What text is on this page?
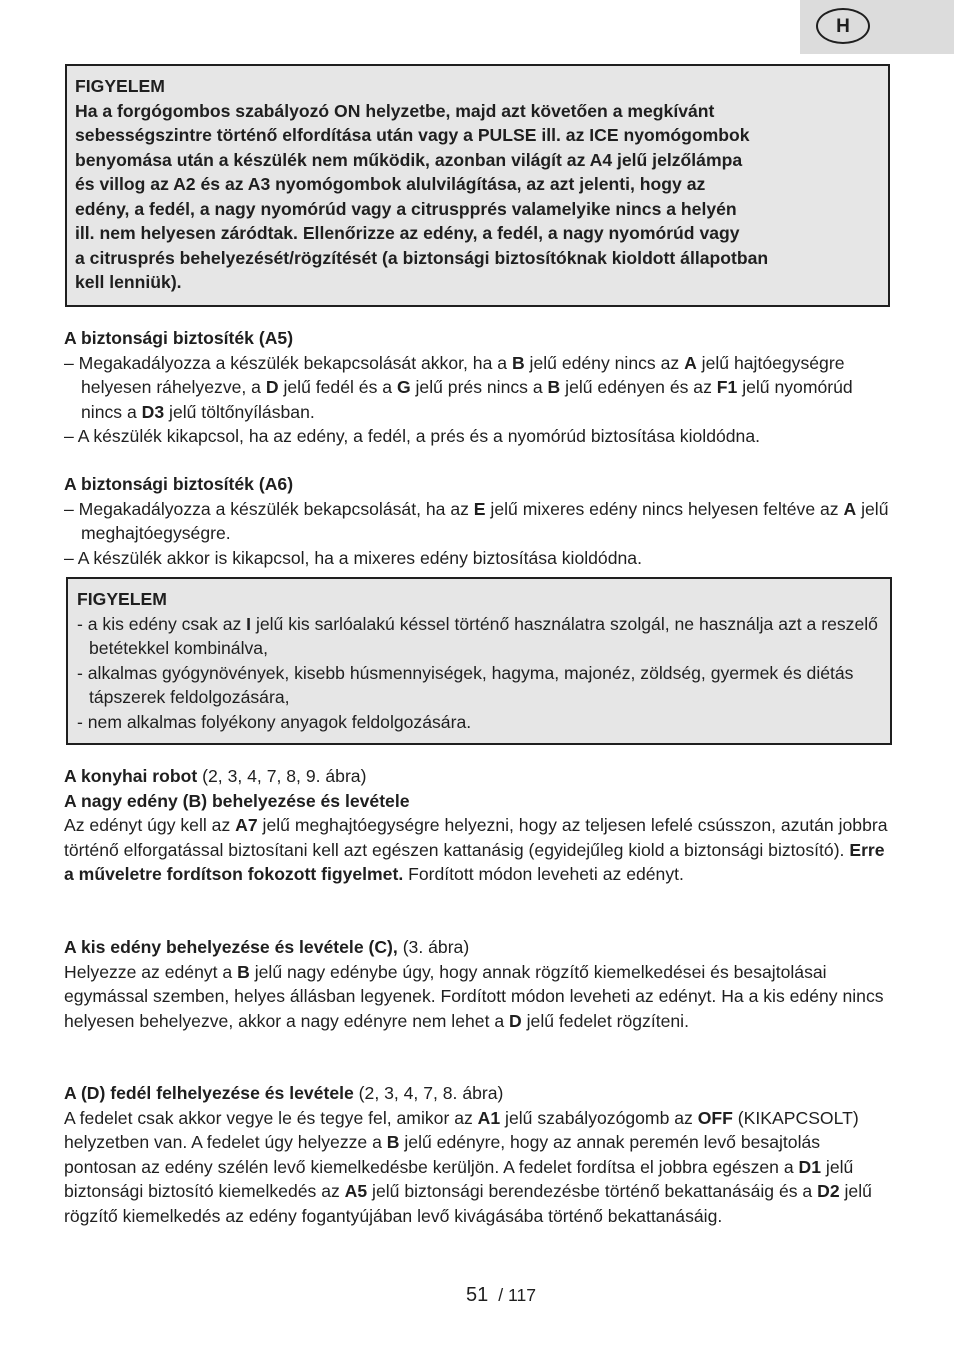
H

FIGYELEM

Ha a forgógombos szabályozó ON helyzetbe, majd azt követően a megkívánt

sebességszintre történő elfordítása után vagy a PULSE ill. az ICE nyomógombok

benyomása után a készülék nem működik, azonban világít az A4 jelű jelzőlámpa

és villog az A2 és az A3 nyomógombok alulvilágítása, az azt jelenti, hogy az

edény, a fedél, a nagy nyomórúd vagy a citruspprés valamelyike nincs a helyén

ill. nem helyesen záródtak. Ellenőrizze az edény, a fedél, a nagy nyomórúd vagy

a citrusprés behelyezését/rögzítését (a biztonsági biztosítóknak kioldott állapotban

kell lenniük).

A biztonsági biztosíték (A5)

– Megakadályozza a készülék bekapcsolását akkor, ha a B jelű edény nincs az A jelű hajtóegységre helyesen ráhelyezve, a D jelű fedél és a G jelű prés nincs a B jelű edényen és az F1 jelű nyomórúd nincs a D3 jelű töltőnyílásban.

– A készülék kikapcsol, ha az edény, a fedél, a prés és a nyomórúd biztosítása kioldódna.

A biztonsági biztosíték (A6)

– Megakadályozza a készülék bekapcsolását, ha az E jelű mixeres edény nincs helyesen feltéve az A jelű meghajtóegységre.

– A készülék akkor is kikapcsol, ha a mixeres edény biztosítása kioldódna.

FIGYELEM

- a kis edény csak az I jelű kis sarlóalakú késsel történő használatra szolgál, ne használja azt a reszelő betétekkel kombinálva,

- alkalmas gyógynövények, kisebb húsmennyiségek, hagyma, majonéz, zöldség, gyermek és diétás tápszerek feldolgozására,

- nem alkalmas folyékony anyagok feldolgozására.

A konyhai robot (2, 3, 4, 7, 8, 9. ábra)

A nagy edény (B) behelyezése és levétele

Az edényt úgy kell az A7 jelű meghajtóegységre helyezni, hogy az teljesen lefelé csússzon, azután jobbra történő elforgatással biztosítani kell azt egészen kattanásig (egyidejűleg kiold a biztonsági biztosító). Erre a műveletre fordítson fokozott figyelmet. Fordított módon leveheti az edényt.

A kis edény behelyezése és levétele (C), (3. ábra)

Helyezze az edényt a B jelű nagy edénybe úgy, hogy annak rögzítő kiemelkedései és besajtolásai egymással szemben, helyes állásban legyenek. Fordított módon leveheti az edényt. Ha a kis edény nincs helyesen behelyezve, akkor a nagy edényre nem lehet a D jelű fedelet rögzíteni.

A (D) fedél felhelyezése és levétele (2, 3, 4, 7, 8. ábra)

A fedelet csak akkor vegye le és tegye fel, amikor az A1 jelű szabályozógomb az OFF (KIKAPCSOLT) helyzetben van. A fedelet úgy helyezze a B jelű edényre, hogy az annak peremén levő besajtolás pontosan az edény szélén levő kiemelkedésbe kerüljön. A fedelet fordítsa el jobbra egészen a D1 jelű biztonsági biztosító kiemelkedés az A5 jelű biztonsági berendezésbe történő bekattanásáig és a D2 jelű rögzítő kiemelkedés az edény fogantyújában levő kivágásába történő bekattanásáig.

51 / 117
